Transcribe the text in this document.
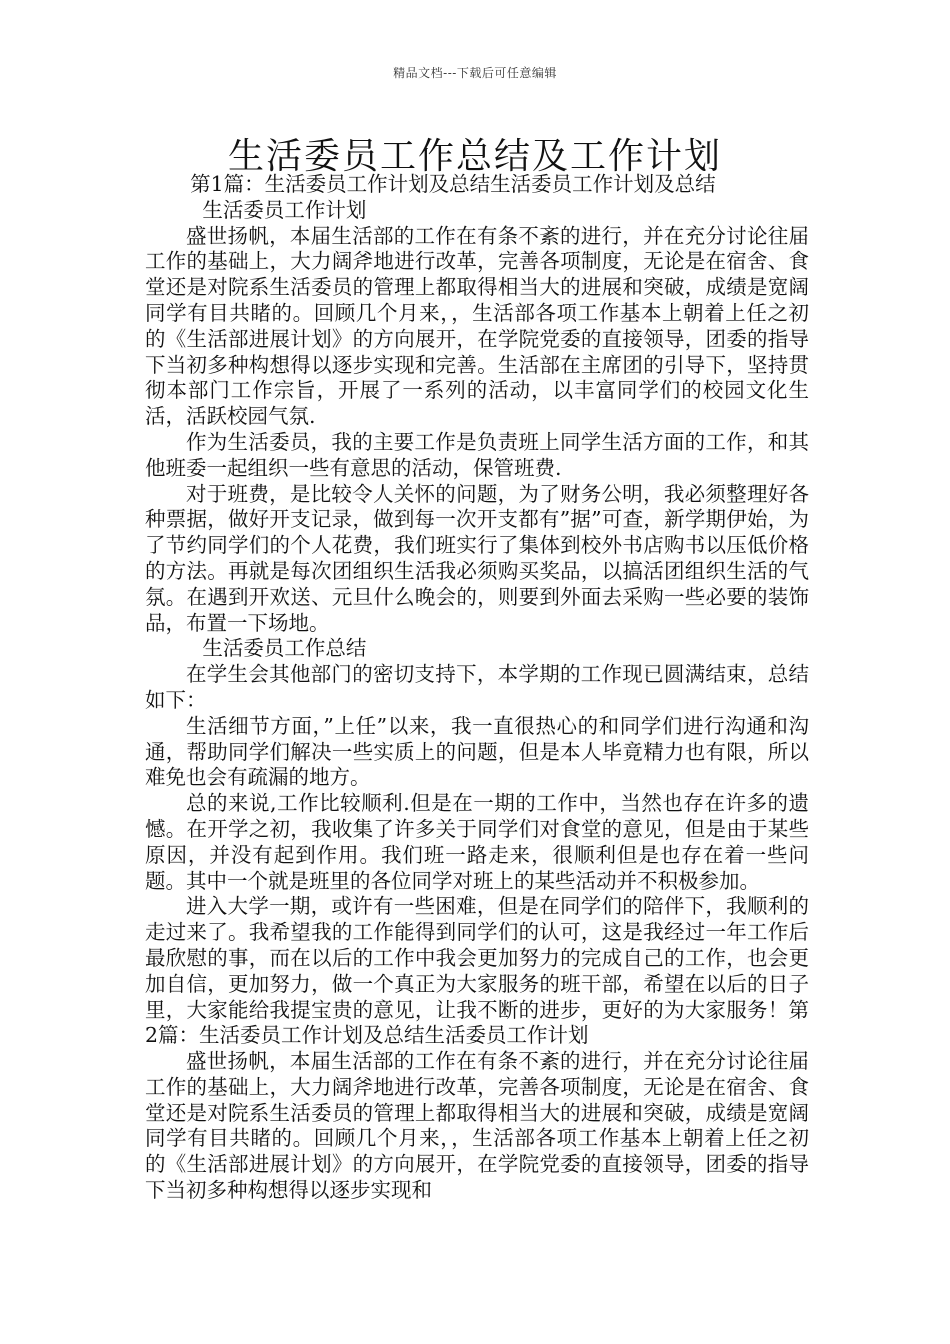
精品文档---下载后可任意编辑
生活委员工作总结及工作计划

第1篇：生活委员工作计划及总结生活委员工作计划及总结

生活委员工作计划

盛世扬帆，本届生活部的工作在有条不紊的进行，并在充分讨论往届工作的基础上，大力阔斧地进行改革，完善各项制度，无论是在宿舍、食堂还是对院系生活委员的管理上都取得相当大的进展和突破，成绩是宽阔同学有目共睹的。回顾几个月来，，生活部各项工作基本上朝着上任之初的《生活部进展计划》的方向展开，在学院党委的直接领导，团委的指导下当初多种构想得以逐步实现和完善。生活部在主席团的引导下，坚持贯彻本部门工作宗旨，开展了一系列的活动，以丰富同学们的校园文化生活，活跃校园气氛.

作为生活委员，我的主要工作是负责班上同学生活方面的工作，和其他班委一起组织一些有意思的活动，保管班费.

对于班费，是比较令人关怀的问题，为了财务公明，我必须整理好各种票据，做好开支记录，做到每一次开支都有”据”可查，新学期伊始，为了节约同学们的个人花费，我们班实行了集体到校外书店购书以压低价格的方法。再就是每次团组织生活我必须购买奖品，以搞活团组织生活的气氛。在遇到开欢送、元旦什么晚会的，则要到外面去采购一些必要的装饰品，布置一下场地。

生活委员工作总结

在学生会其他部门的密切支持下，本学期的工作现已圆满结束，总结如下：

生活细节方面，”上任”以来，我一直很热心的和同学们进行沟通和沟通，帮助同学们解决一些实质上的问题，但是本人毕竟精力也有限，所以难免也会有疏漏的地方。

总的来说,工作比较顺利.但是在一期的工作中，当然也存在许多的遗憾。在开学之初，我收集了许多关于同学们对食堂的意见，但是由于某些原因，并没有起到作用。我们班一路走来，很顺利但是也存在着一些问题。其中一个就是班里的各位同学对班上的某些活动并不积极参加。

进入大学一期，或许有一些困难，但是在同学们的陪伴下，我顺利的走过来了。我希望我的工作能得到同学们的认可，这是我经过一年工作后最欣慰的事，而在以后的工作中我会更加努力的完成自己的工作，也会更加自信，更加努力，做一个真正为大家服务的班干部，希望在以后的日子里，大家能给我提宝贵的意见，让我不断的进步，更好的为大家服务！第2篇：生活委员工作计划及总结生活委员工作计划

盛世扬帆，本届生活部的工作在有条不紊的进行，并在充分讨论往届工作的基础上，大力阔斧地进行改革，完善各项制度，无论是在宿舍、食堂还是对院系生活委员的管理上都取得相当大的进展和突破，成绩是宽阔同学有目共睹的。回顾几个月来，，生活部各项工作基本上朝着上任之初的《生活部进展计划》的方向展开，在学院党委的直接领导，团委的指导下当初多种构想得以逐步实现和
